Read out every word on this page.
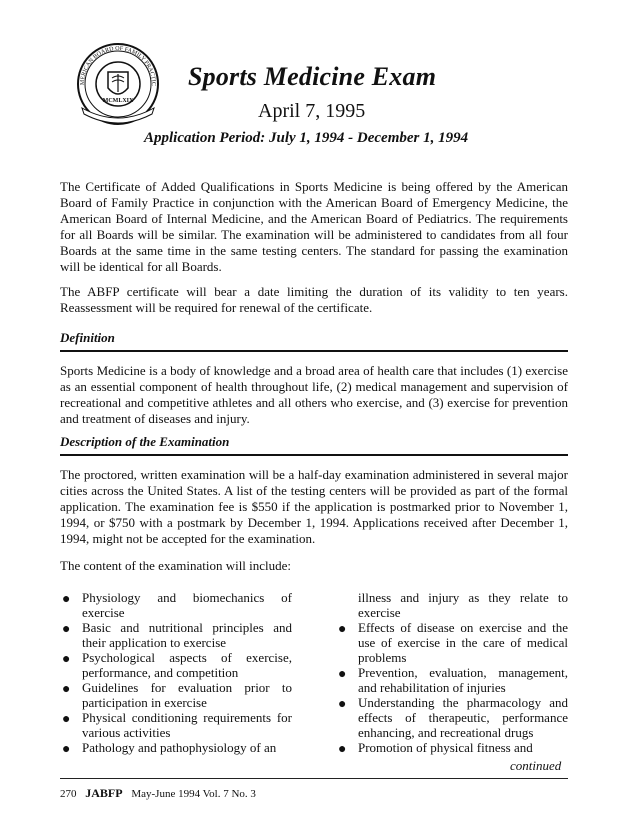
MCMLXIX
MERICAN BOARD OF FAMILY PRACTIC Sports Medicine Exam
April 7, 1995
Application Period: July 1, 1994 - December 1, 1994

The Certificate of Added Qualifications in Sports Medicine is being offered by the American Board of Family Practice in conjunction with the American Board of Emergency Medicine, the American Board of Internal Medicine, and the American Board of Pediatrics. The requirements for all Boards will be similar. The examination will be administered to candidates from all four Boards at the same time in the same testing centers. The standard for passing the examination will be identical for all Boards.

The ABFP certificate will bear a date limiting the duration of its validity to ten years. Reassessment will be required for renewal of the certificate.

Definition

Sports Medicine is a body of knowledge and a broad area of health care that includes (1) exercise as an essential component of health throughout life, (2) medical management and supervision of recreational and competitive athletes and all others who exercise, and (3) exercise for prevention and treatment of diseases and injury.

Description of the Examination

The proctored, written examination will be a half-day examination administered in several major cities across the United States. A list of the testing centers will be provided as part of the formal application. The examination fee is $550 if the application is postmarked prior to November 1, 1994, or $750 with a postmark by December 1, 1994. Applications received after December 1, 1994, might not be accepted for the examination.

The content of the examination will include:

● Physiology and biomechanics of exercise
● Basic and nutritional principles and their application to exercise
● Psychological aspects of exercise, performance, and competition
● Guidelines for evaluation prior to participation in exercise
● Physical conditioning requirements for various activities
● Pathology and pathophysiology of an
illness and injury as they relate to exercise
● Effects of disease on exercise and the use of exercise in the care of medical problems
● Prevention, evaluation, management, and rehabilitation of injuries
● Understanding the pharmacology and effects of therapeutic, performance enhancing, and recreational drugs
● Promotion of physical fitness and
continued
270 JABFP May-June 1994 Vol. 7 No. 3
